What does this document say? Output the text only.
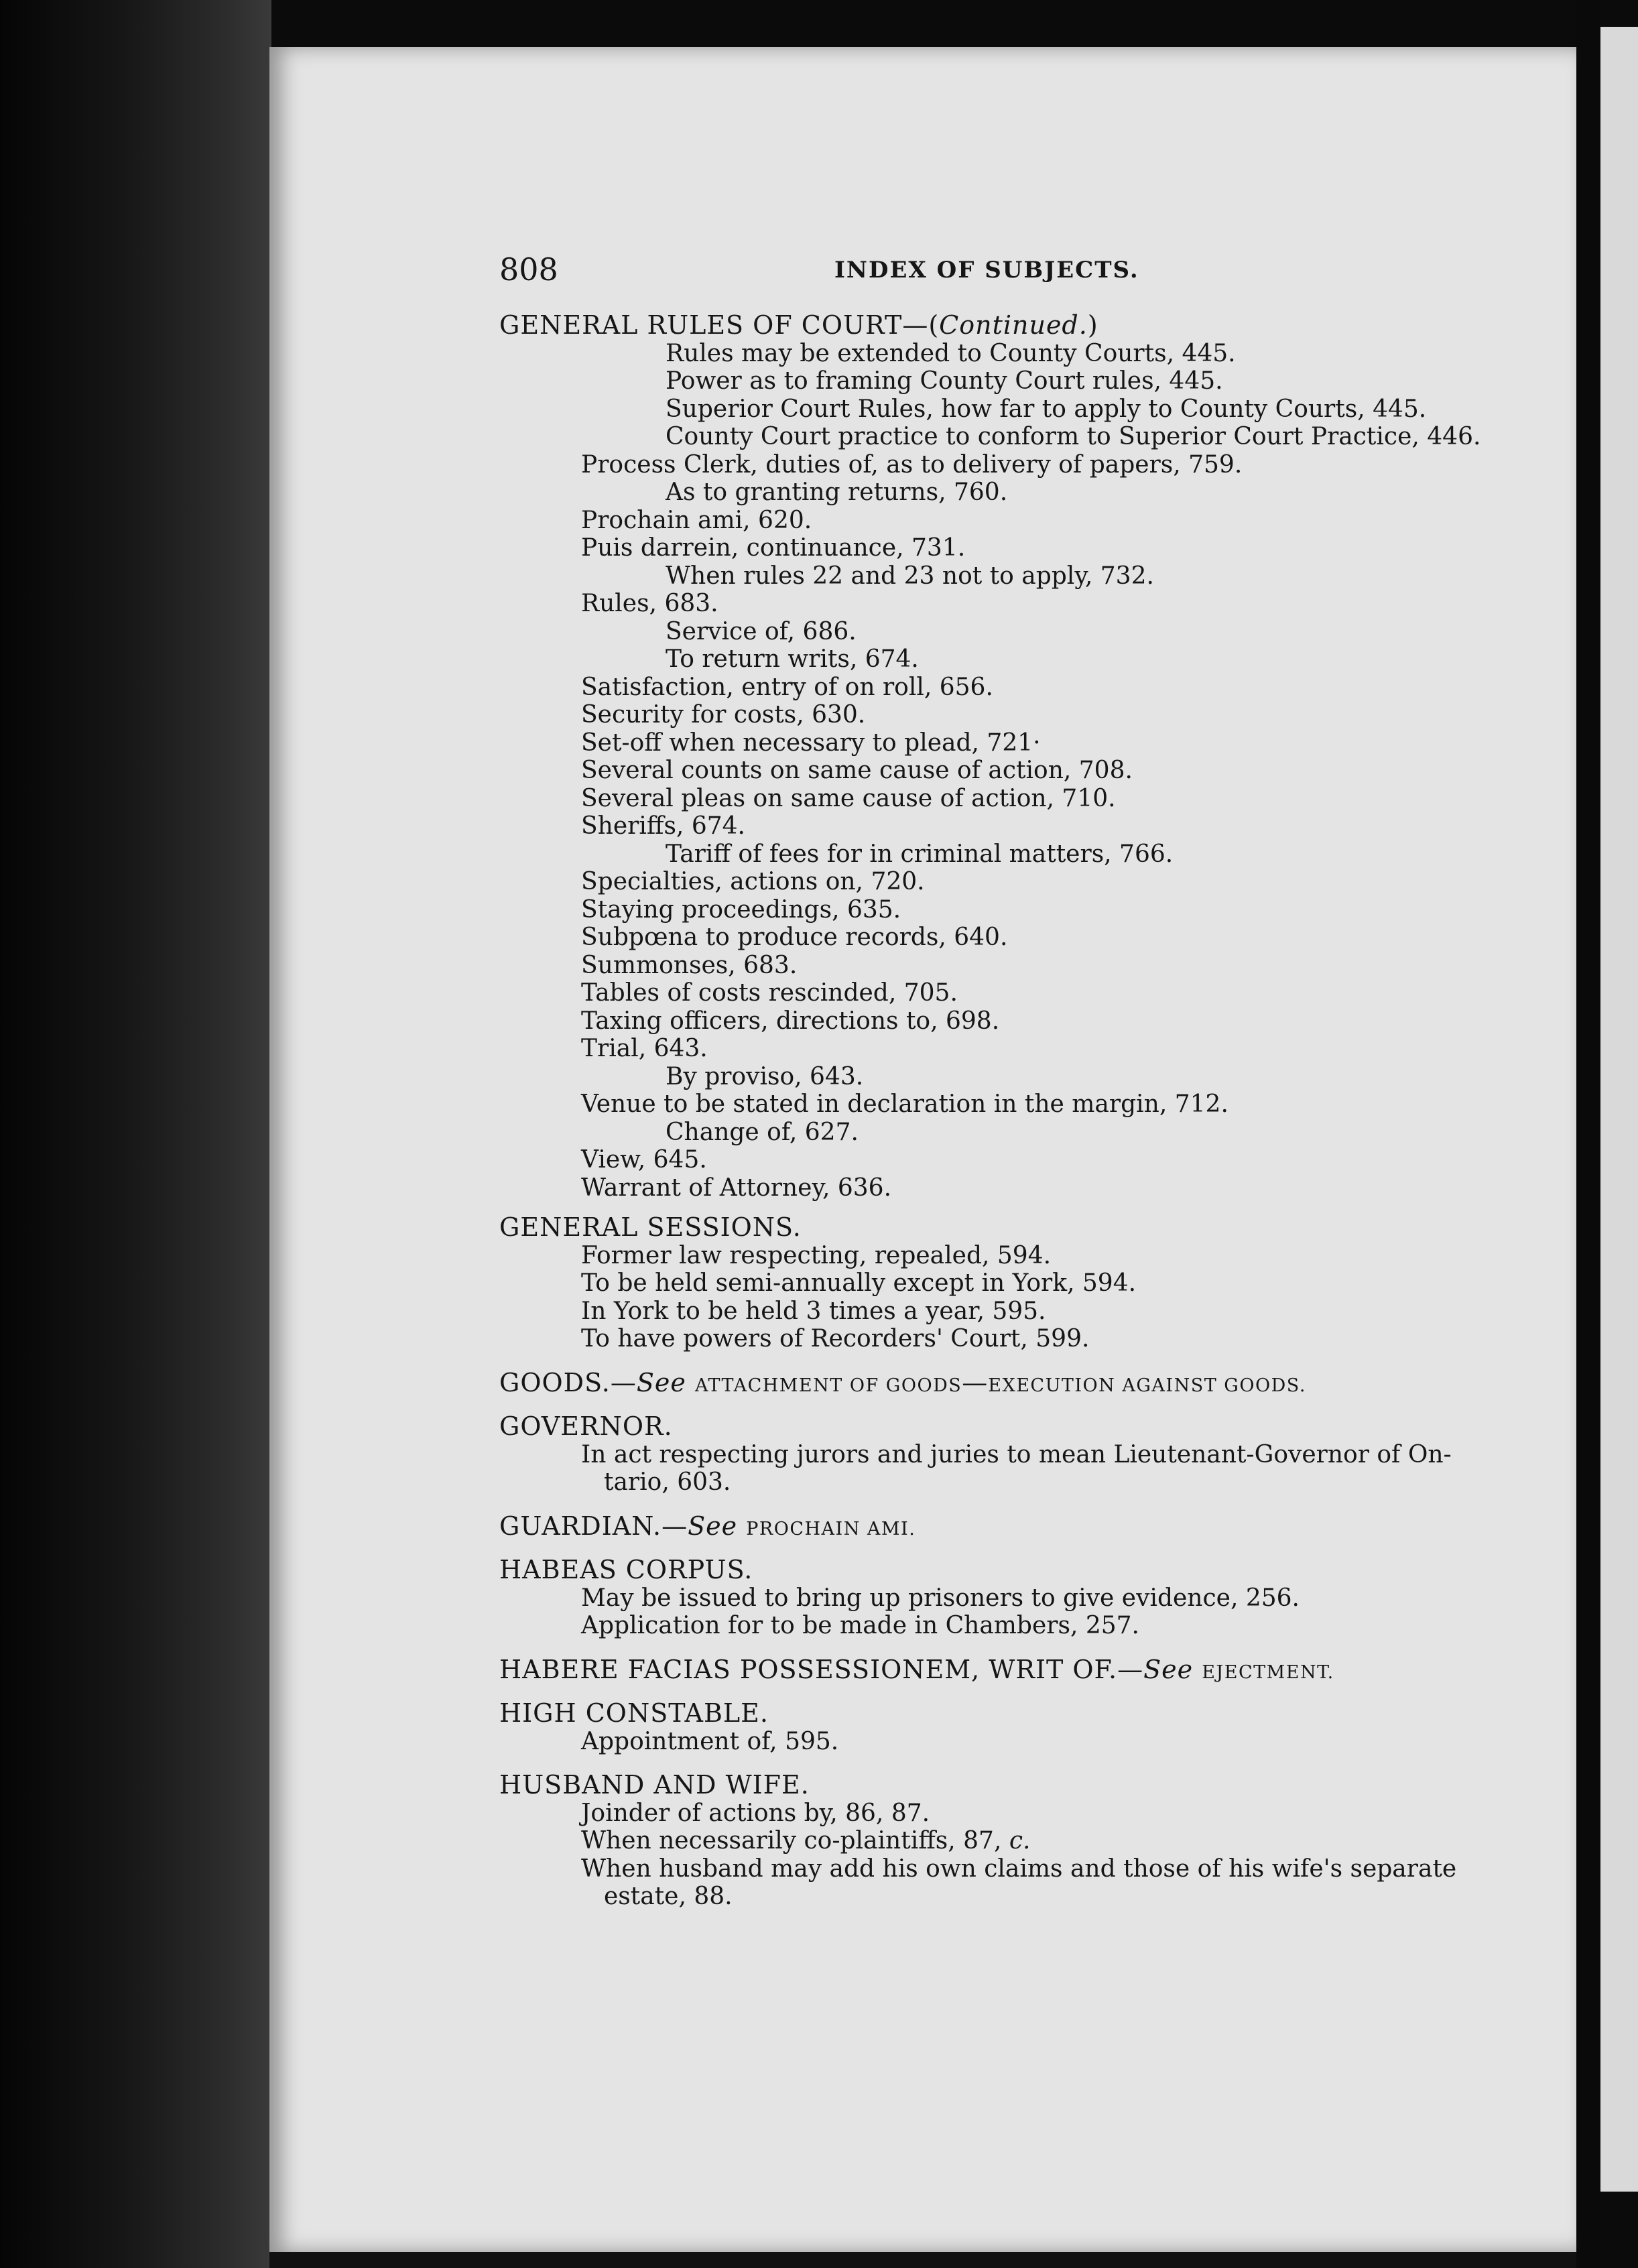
808	INDEX OF SUBJECTS.
GENERAL RULES OF COURT—(Continued.)
Rules may be extended to County Courts, 445.
Power as to framing County Court rules, 445.
Superior Court Rules, how far to apply to County Courts, 445.
County Court practice to conform to Superior Court Practice, 446.
Process Clerk, duties of, as to delivery of papers, 759.
As to granting returns, 760.
Prochain ami, 620.
Puis darrein, continuance, 731.
When rules 22 and 23 not to apply, 732.
Rules, 683.
Service of, 686.
To return writs, 674.
Satisfaction, entry of on roll, 656.
Security for costs, 630.
Set-off when necessary to plead, 721·
Several counts on same cause of action, 708.
Several pleas on same cause of action, 710.
Sheriffs, 674.
Tariff of fees for in criminal matters, 766.
Specialties, actions on, 720.
Staying proceedings, 635.
Subpœna to produce records, 640.
Summonses, 683.
Tables of costs rescinded, 705.
Taxing officers, directions to, 698.
Trial, 643.
By proviso, 643.
Venue to be stated in declaration in the margin, 712.
Change of, 627.
View, 645.
Warrant of Attorney, 636.
GENERAL SESSIONS.
Former law respecting, repealed, 594.
To be held semi-annually except in York, 594.
In York to be held 3 times a year, 595.
To have powers of Recorders' Court, 599.
GOODS.—See ATTACHMENT OF GOODS—EXECUTION AGAINST GOODS.
GOVERNOR.
In act respecting jurors and juries to mean Lieutenant-Governor of On-
tario, 603.
GUARDIAN.—See PROCHAIN AMI.
HABEAS CORPUS.
May be issued to bring up prisoners to give evidence, 256.
Application for to be made in Chambers, 257.
HABERE FACIAS POSSESSIONEM, WRIT OF.—See EJECTMENT.
HIGH CONSTABLE.
Appointment of, 595.
HUSBAND AND WIFE.
Joinder of actions by, 86, 87.
When necessarily co-plaintiffs, 87, c.
When husband may add his own claims and those of his wife's separate
estate, 88.
